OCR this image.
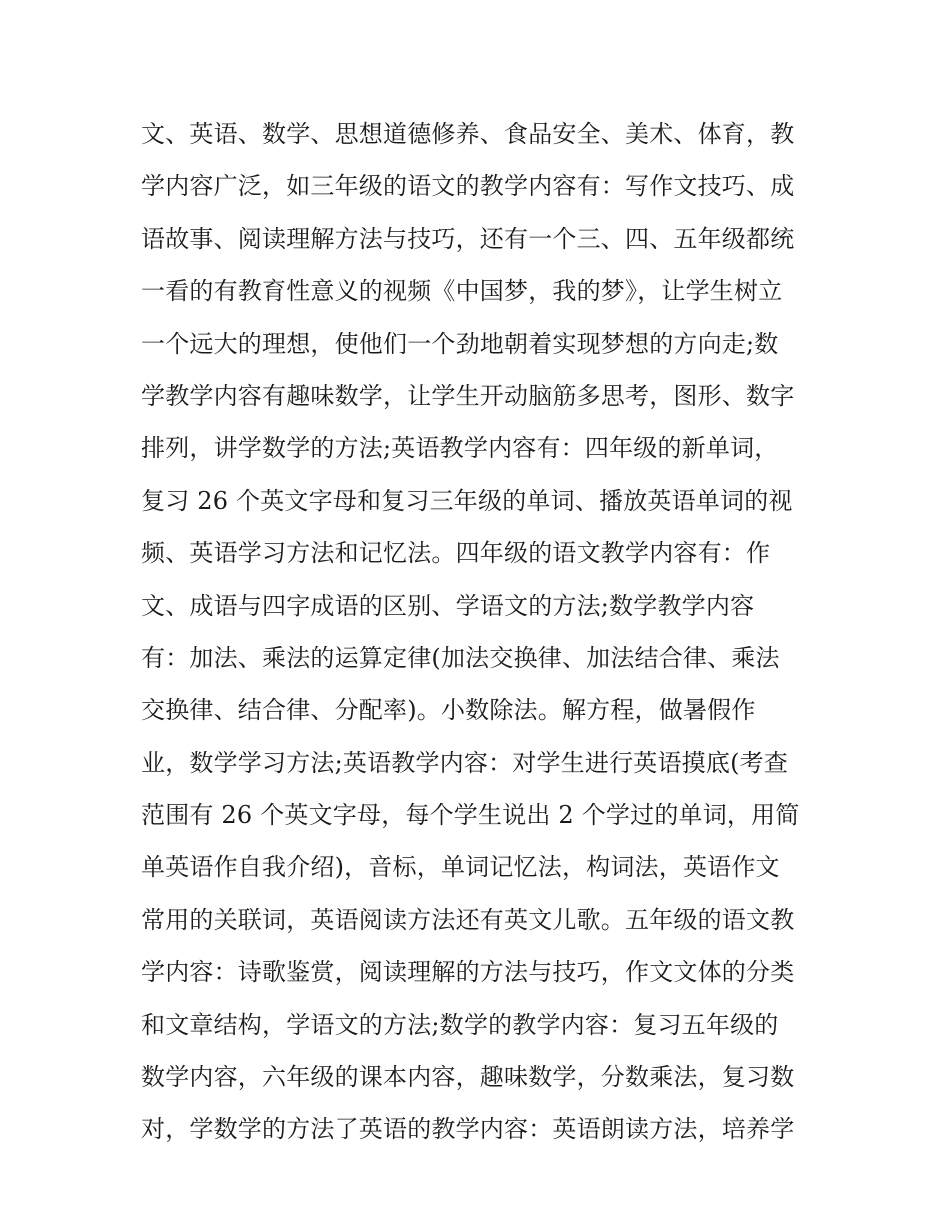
文、英语、数学、思想道德修养、食品安全、美术、体育，教
学内容广泛，如三年级的语文的教学内容有：写作文技巧、成
语故事、阅读理解方法与技巧，还有一个三、四、五年级都统
一看的有教育性意义的视频《中国梦，我的梦》，让学生树立
一个远大的理想，使他们一个劲地朝着实现梦想的方向走;数
学教学内容有趣味数学，让学生开动脑筋多思考，图形、数字
排列，讲学数学的方法;英语教学内容有：四年级的新单词，
复习 26 个英文字母和复习三年级的单词、播放英语单词的视
频、英语学习方法和记忆法。四年级的语文教学内容有：作
文、成语与四字成语的区别、学语文的方法;数学教学内容
有：加法、乘法的运算定律(加法交换律、加法结合律、乘法
交换律、结合律、分配率)。小数除法。解方程，做暑假作
业，数学学习方法;英语教学内容：对学生进行英语摸底(考查
范围有 26 个英文字母，每个学生说出 2 个学过的单词，用简
单英语作自我介绍)，音标，单词记忆法，构词法，英语作文
常用的关联词，英语阅读方法还有英文儿歌。五年级的语文教
学内容：诗歌鉴赏，阅读理解的方法与技巧，作文文体的分类
和文章结构，学语文的方法;数学的教学内容：复习五年级的
数学内容，六年级的课本内容，趣味数学，分数乘法，复习数
对，学数学的方法了英语的教学内容：英语朗读方法，培养学
